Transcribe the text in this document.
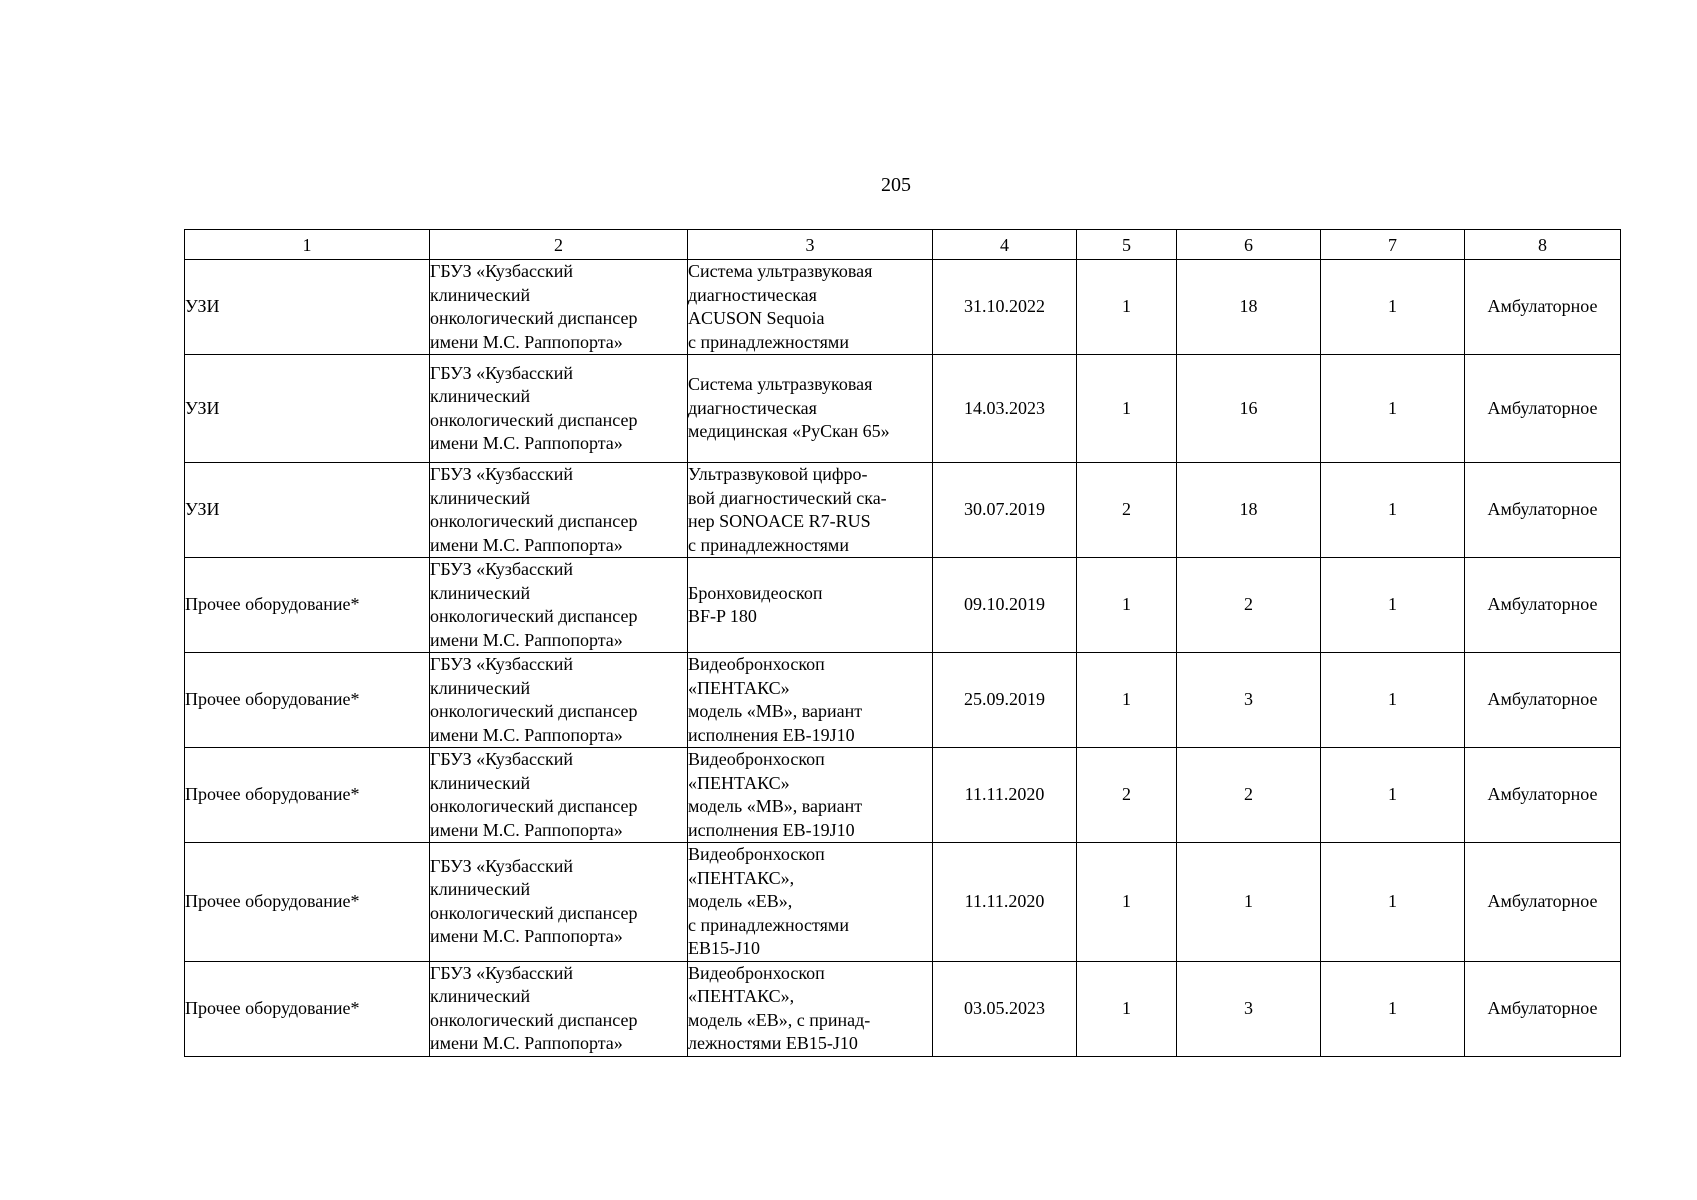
205
1	2	3	4	5	6	7	8
УЗИ	ГБУЗ «Кузбасский
клинический
онкологический диспансер
имени М.С. Раппопорта»	Система ультразвуковая
диагностическая
ACUSON Sequoia
с принадлежностями	31.10.2022	1	18	1	Амбулаторное
УЗИ	ГБУЗ «Кузбасский
клинический
онкологический диспансер
имени М.С. Раппопорта»	Система ультразвуковая
диагностическая
медицинская «РуСкан 65»	14.03.2023	1	16	1	Амбулаторное
УЗИ	ГБУЗ «Кузбасский
клинический
онкологический диспансер
имени М.С. Раппопорта»	Ультразвуковой цифро-
вой диагностический ска-
нер SONOACE R7-RUS
с принадлежностями	30.07.2019	2	18	1	Амбулаторное
Прочее оборудование*	ГБУЗ «Кузбасский
клинический
онкологический диспансер
имени М.С. Раппопорта»	Бронховидеоскоп
BF-P 180	09.10.2019	1	2	1	Амбулаторное
Прочее оборудование*	ГБУЗ «Кузбасский
клинический
онкологический диспансер
имени М.С. Раппопорта»	Видеобронхоскоп
«ПЕНТАКС»
модель «МВ», вариант
исполнения EB-19J10	25.09.2019	1	3	1	Амбулаторное
Прочее оборудование*	ГБУЗ «Кузбасский
клинический
онкологический диспансер
имени М.С. Раппопорта»	Видеобронхоскоп
«ПЕНТАКС»
модель «МВ», вариант
исполнения EB-19J10	11.11.2020	2	2	1	Амбулаторное
Прочее оборудование*	ГБУЗ «Кузбасский
клинический
онкологический диспансер
имени М.С. Раппопорта»	Видеобронхоскоп
«ПЕНТАКС»,
модель «ЕВ»,
с принадлежностями
EB15-J10	11.11.2020	1	1	1	Амбулаторное
Прочее оборудование*	ГБУЗ «Кузбасский
клинический
онкологический диспансер
имени М.С. Раппопорта»	Видеобронхоскоп
«ПЕНТАКС»,
модель «ЕВ», с принад-
лежностями EB15-J10	03.05.2023	1	3	1	Амбулаторное
